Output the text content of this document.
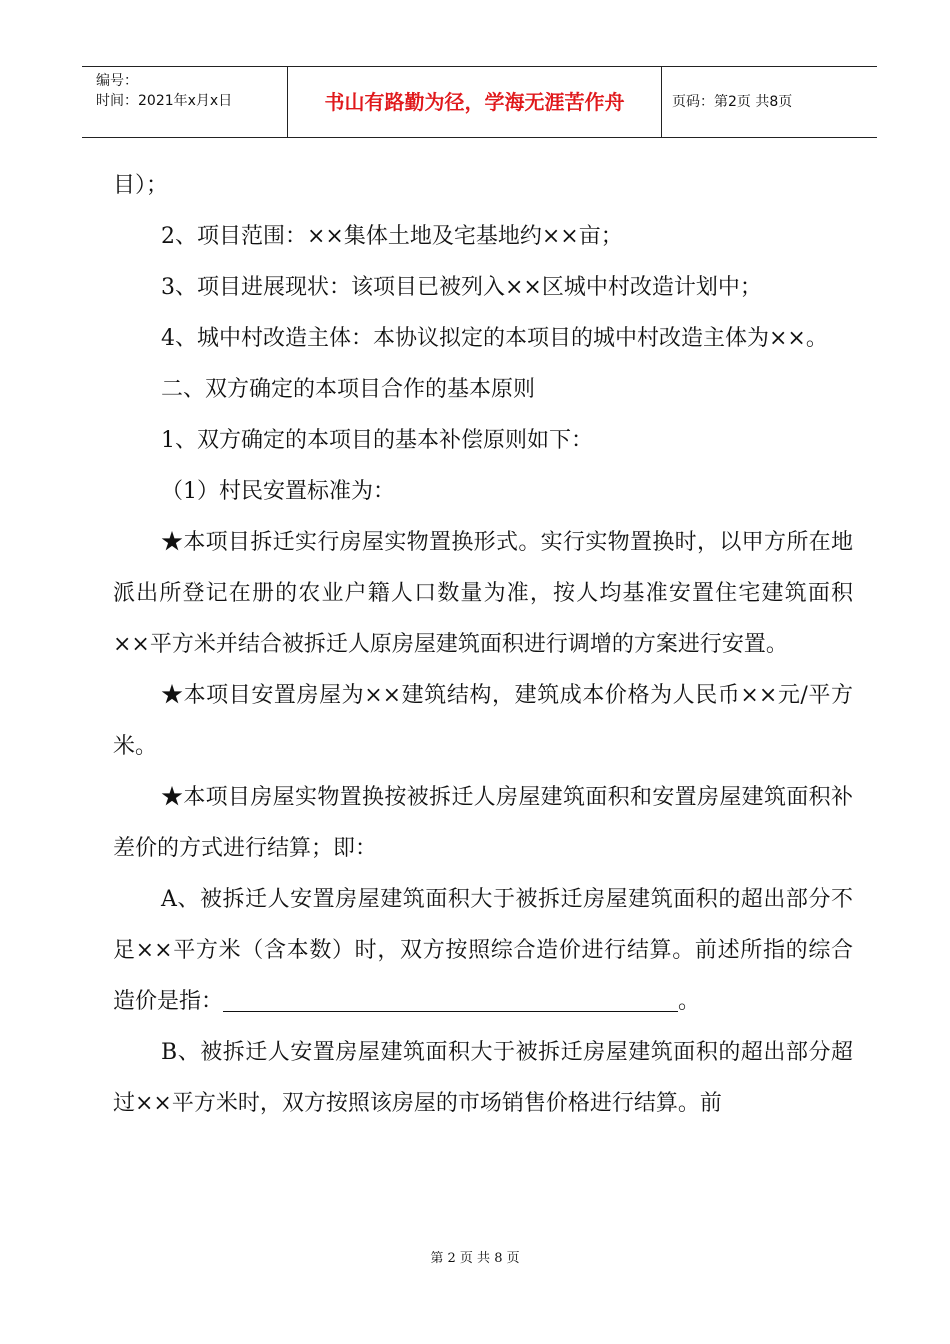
编号：
时间：2021年x月x日	书山有路勤为径，学海无涯苦作舟	页码：第2页 共8页

目）；

2、项目范围：××集体土地及宅基地约××亩；

3、项目进展现状：该项目已被列入××区城中村改造计划中；

4、城中村改造主体：本协议拟定的本项目的城中村改造主体为××。

二、双方确定的本项目合作的基本原则

1、双方确定的本项目的基本补偿原则如下：

（1）村民安置标准为：

★本项目拆迁实行房屋实物置换形式。实行实物置换时，以甲方所在地派出所登记在册的农业户籍人口数量为准，按人均基准安置住宅建筑面积××平方米并结合被拆迁人原房屋建筑面积进行调增的方案进行安置。

★本项目安置房屋为××建筑结构，建筑成本价格为人民币××元/平方米。

★本项目房屋实物置换按被拆迁人房屋建筑面积和安置房屋建筑面积补差价的方式进行结算；即：

A、被拆迁人安置房屋建筑面积大于被拆迁房屋建筑面积的超出部分不足××平方米（含本数）时，双方按照综合造价进行结算。前述所指的综合造价是指：	。

B、被拆迁人安置房屋建筑面积大于被拆迁房屋建筑面积的超出部分超过××平方米时，双方按照该房屋的市场销售价格进行结算。前

第 2 页 共 8 页
